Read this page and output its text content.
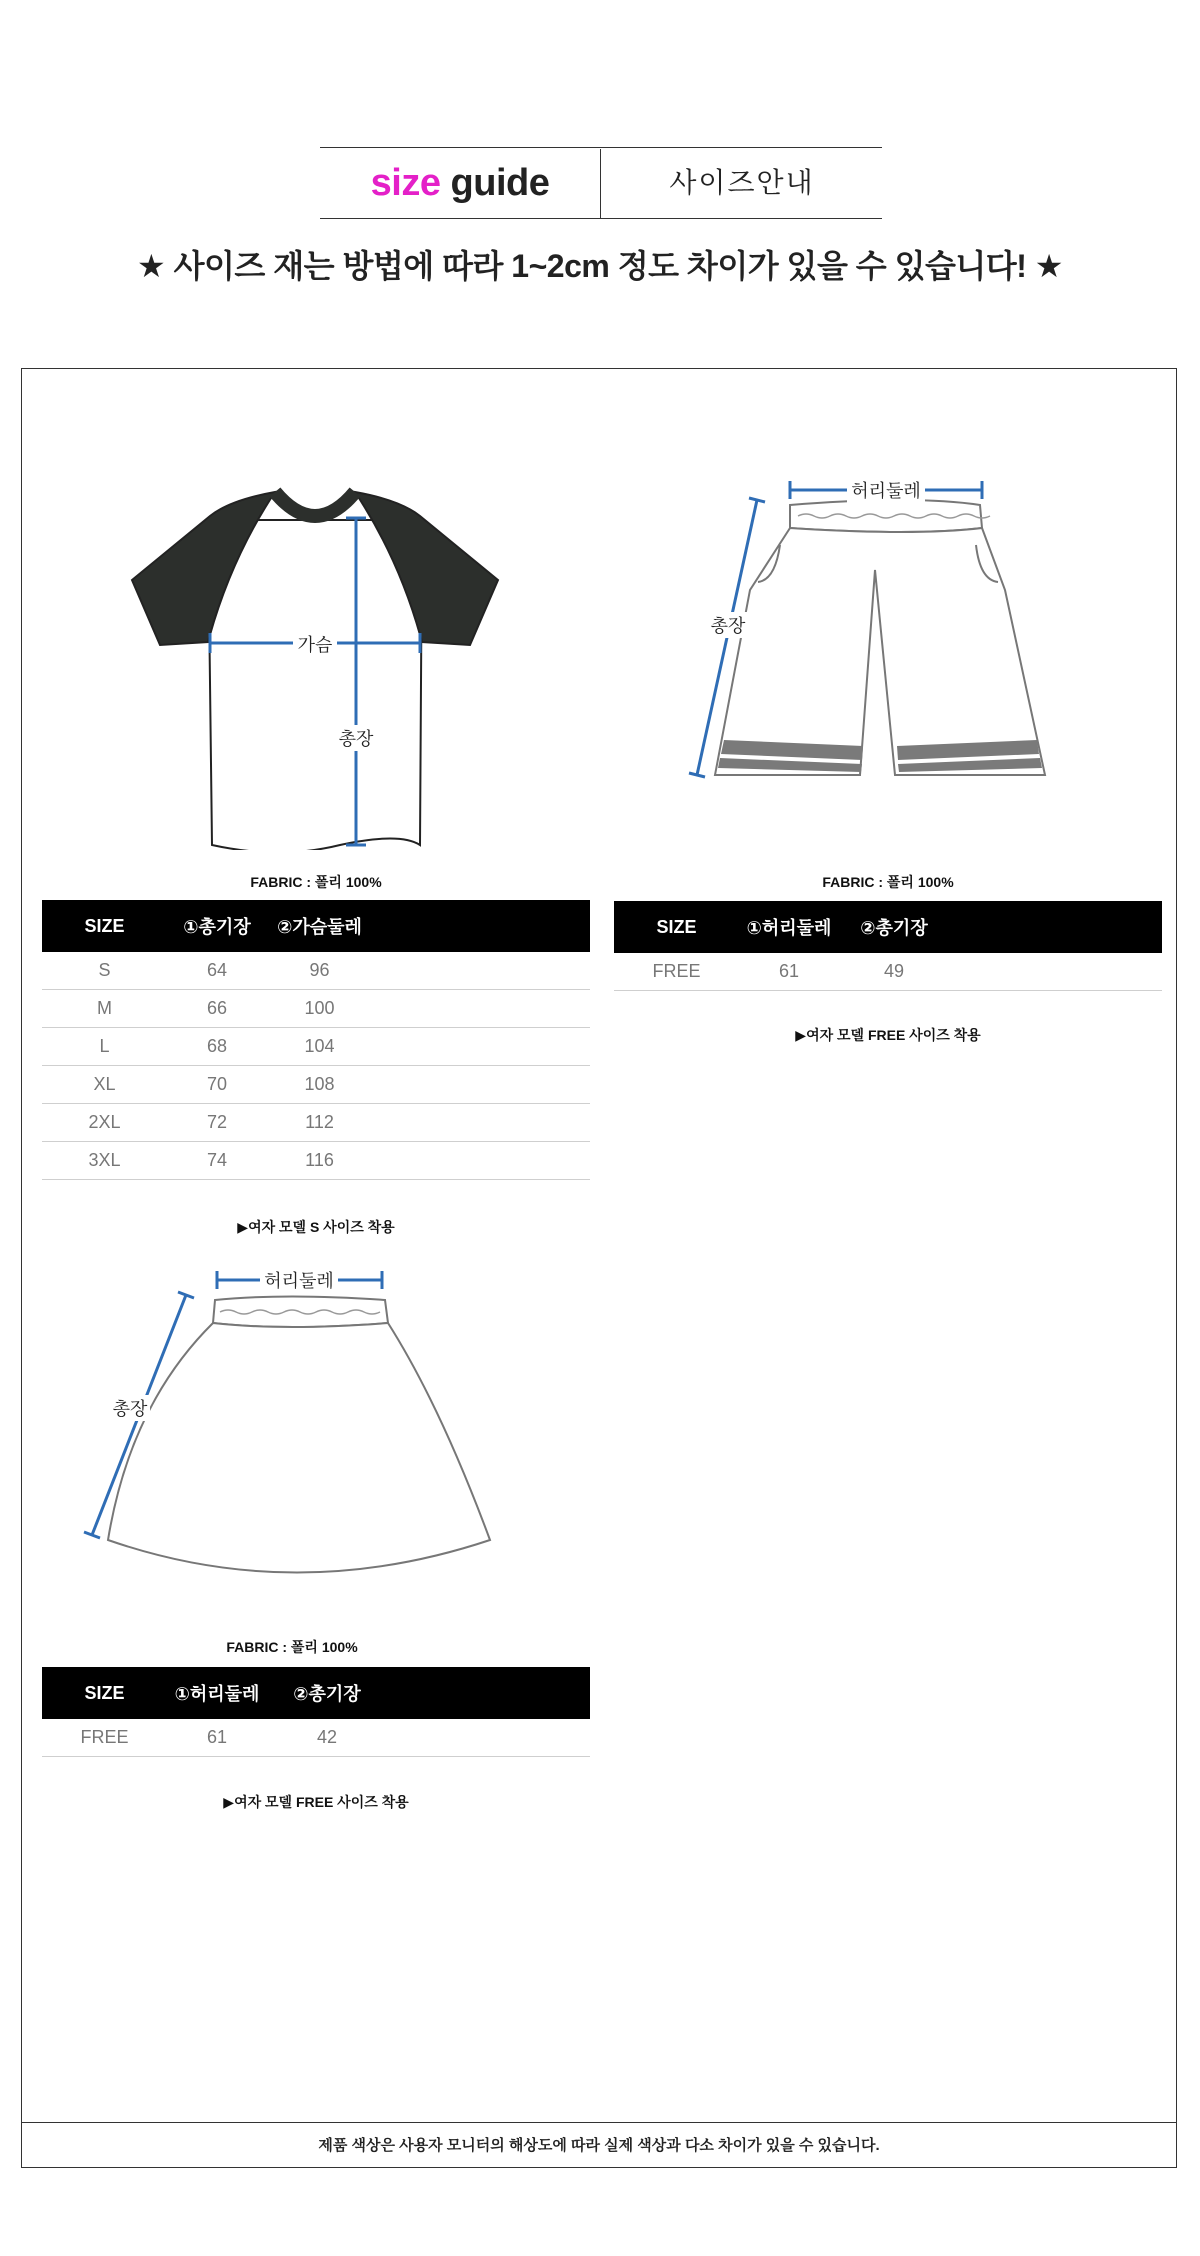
size guide	사이즈안내
★ 사이즈 재는 방법에 따라 1~2cm 정도 차이가 있을 수 있습니다! ★
제품 색상은 사용자 모니터의 해상도에 따라 실제 색상과 다소 차이가 있을 수 있습니다.
가슴
총장
FABRIC : 폴리 100%
SIZE	①총기장	②가슴둘레	
S	64	96	
M	66	100	
L	68	104	
XL	70	108	
2XL	72	112	
3XL	74	116	
▶여자 모델 S 사이즈 착용
허리둘레
총장
FABRIC : 폴리 100%
SIZE	①허리둘레	②총기장	
FREE	61	49	
▶여자 모델 FREE 사이즈 착용
허리둘레
총장
FABRIC : 폴리 100%
SIZE	①허리둘레	②총기장	
FREE	61	42	
▶여자 모델 FREE 사이즈 착용
